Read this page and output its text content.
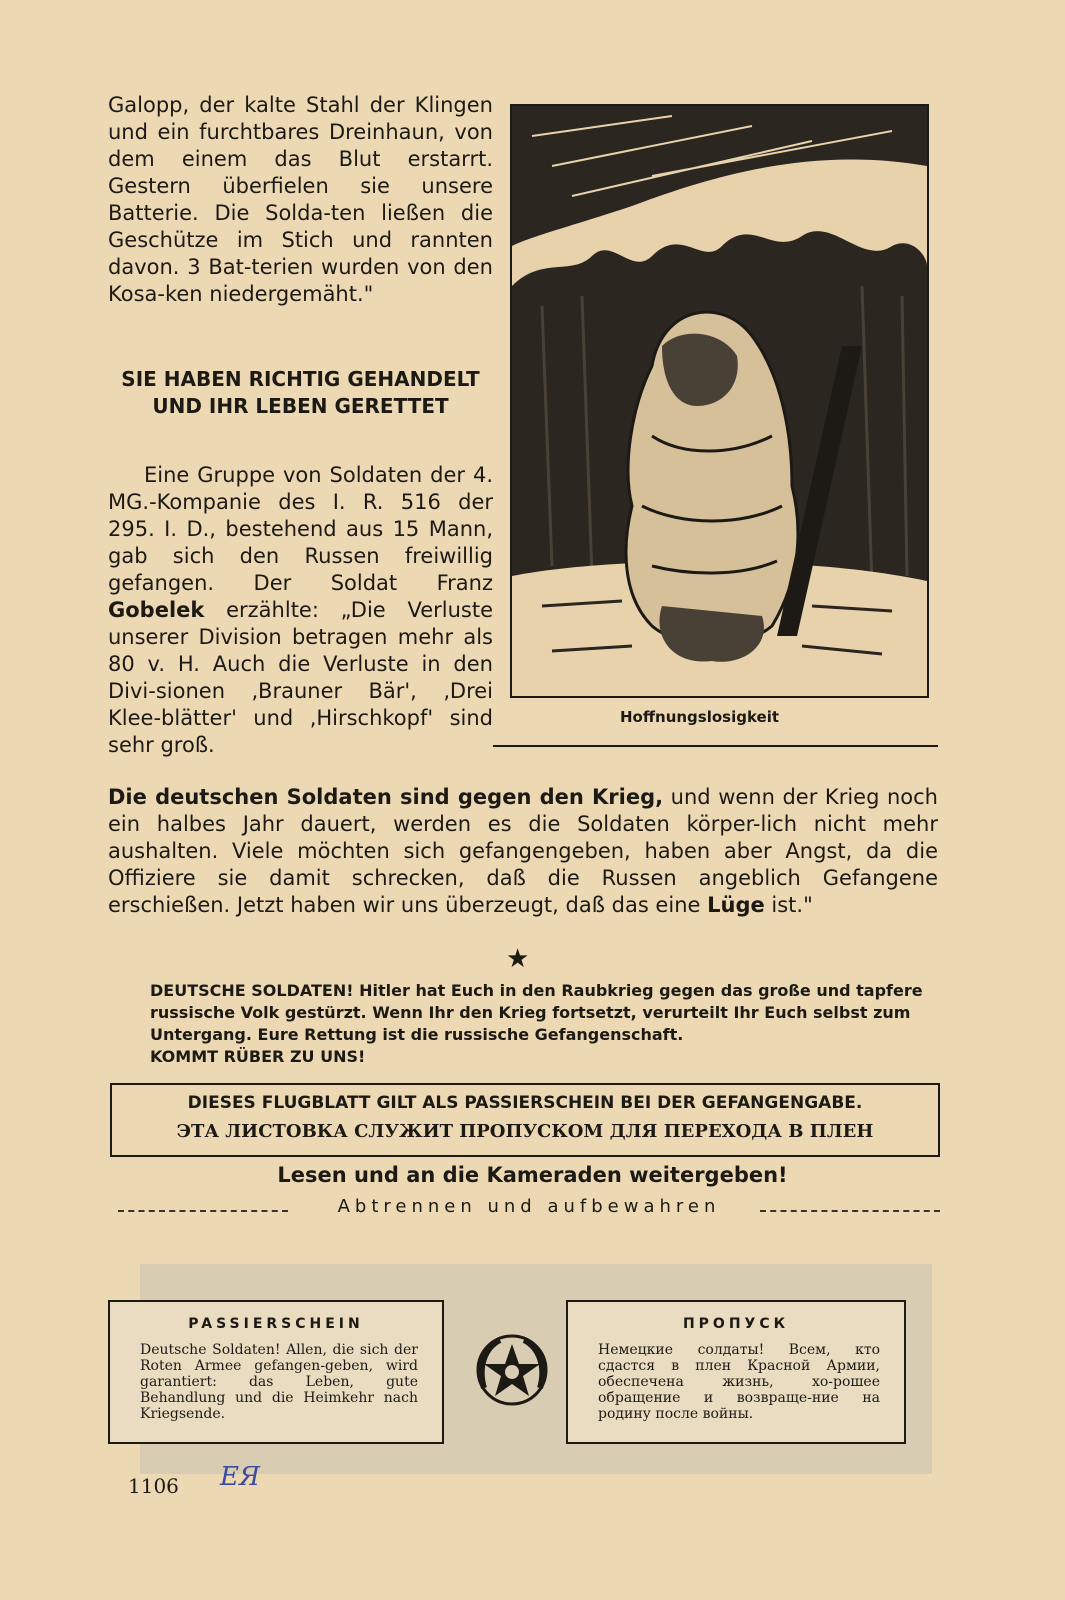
Galopp, der kalte Stahl der Klingen und ein furchtbares Dreinhaun, von dem einem das Blut erstarrt. Gestern überfielen sie unsere Batterie. Die Solda-ten ließen die Geschütze im Stich und rannten davon. 3 Bat-terien wurden von den Kosa-ken niedergemäht."

SIE HABEN RICHTIG GEHANDELT UND IHR LEBEN GERETTET
Eine Gruppe von Soldaten der 4. MG.-Kompanie des I. R. 516 der 295. I. D., bestehend aus 15 Mann, gab sich den Russen freiwillig gefangen. Der Soldat Franz Gobelek erzählte: „Die Verluste unserer Division betragen mehr als 80 v. H. Auch die Verluste in den Divi-sionen ‚Brauner Bär', ‚Drei Klee-blätter' und ‚Hirschkopf' sind sehr groß.
Hoffnungslosigkeit
Die deutschen Soldaten sind gegen den Krieg, und wenn der Krieg noch ein halbes Jahr dauert, werden es die Soldaten körper-lich nicht mehr aushalten. Viele möchten sich gefangengeben, haben aber Angst, da die Offiziere sie damit schrecken, daß die Russen angeblich Gefangene erschießen. Jetzt haben wir uns überzeugt, daß das eine Lüge ist."
★
DEUTSCHE SOLDATEN! Hitler hat Euch in den Raubkrieg gegen das große und tapfere russische Volk gestürzt. Wenn Ihr den Krieg fortsetzt, verurteilt Ihr Euch selbst zum Untergang. Eure Rettung ist die russische Gefangenschaft.
KOMMT RÜBER ZU UNS!
DIESES FLUGBLATT GILT ALS PASSIERSCHEIN BEI DER GEFANGENGABE.
ЭТА ЛИСТОВКА СЛУЖИТ ПРОПУСКОМ ДЛЯ ПЕРЕХОДА В ПЛЕН
Lesen und an die Kameraden weitergeben!
Abtrennen und aufbewahren
PASSIERSCHEIN
Deutsche Soldaten! Allen, die sich der Roten Armee gefangen-geben, wird garantiert: das Leben, gute Behandlung und die Heimkehr nach Kriegsende.
ПРОПУСК
Немецкие солдаты! Всем, кто сдастся в плен Красной Армии, обеспечена жизнь, хо-рошее обращение и возвраще-ние на родину после войны.
1106 ЕЯ
